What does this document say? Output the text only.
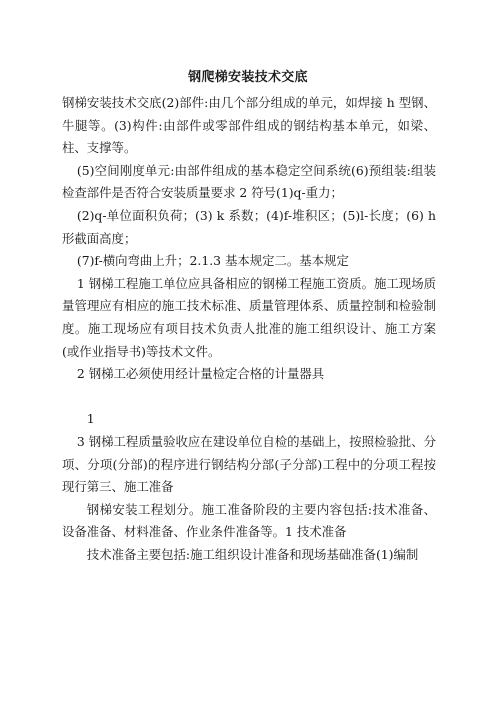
钢爬梯安装技术交底

钢梯安装技术交底(2)部件:由几个部分组成的单元，如焊接 h 型钢、牛腿等。(3)构件:由部件或零部件组成的钢结构基本单元，如梁、柱、支撑等。

(5)空间刚度单元:由部件组成的基本稳定空间系统(6)预组装:组装检查部件是否符合安装质量要求 2 符号(1)q-重力；

(2)q-单位面积负荷；(3) k 系数；(4)f-堆积区；(5)l-长度；(6) h 形截面高度；

(7)f-横向弯曲上升；2.1.3 基本规定二。基本规定

1 钢梯工程施工单位应具备相应的钢梯工程施工资质。施工现场质量管理应有相应的施工技术标准、质量管理体系、质量控制和检验制度。施工现场应有项目技术负责人批准的施工组织设计、施工方案(或作业指导书)等技术文件。

2 钢梯工必须使用经计量检定合格的计量器具

1

3 钢梯工程质量验收应在建设单位自检的基础上，按照检验批、分项、分项(分部)的程序进行钢结构分部(子分部)工程中的分项工程按现行第三、施工准备

钢梯安装工程划分。施工准备阶段的主要内容包括:技术准备、设备准备、材料准备、作业条件准备等。1 技术准备

技术准备主要包括:施工组织设计准备和现场基础准备(1)编制
